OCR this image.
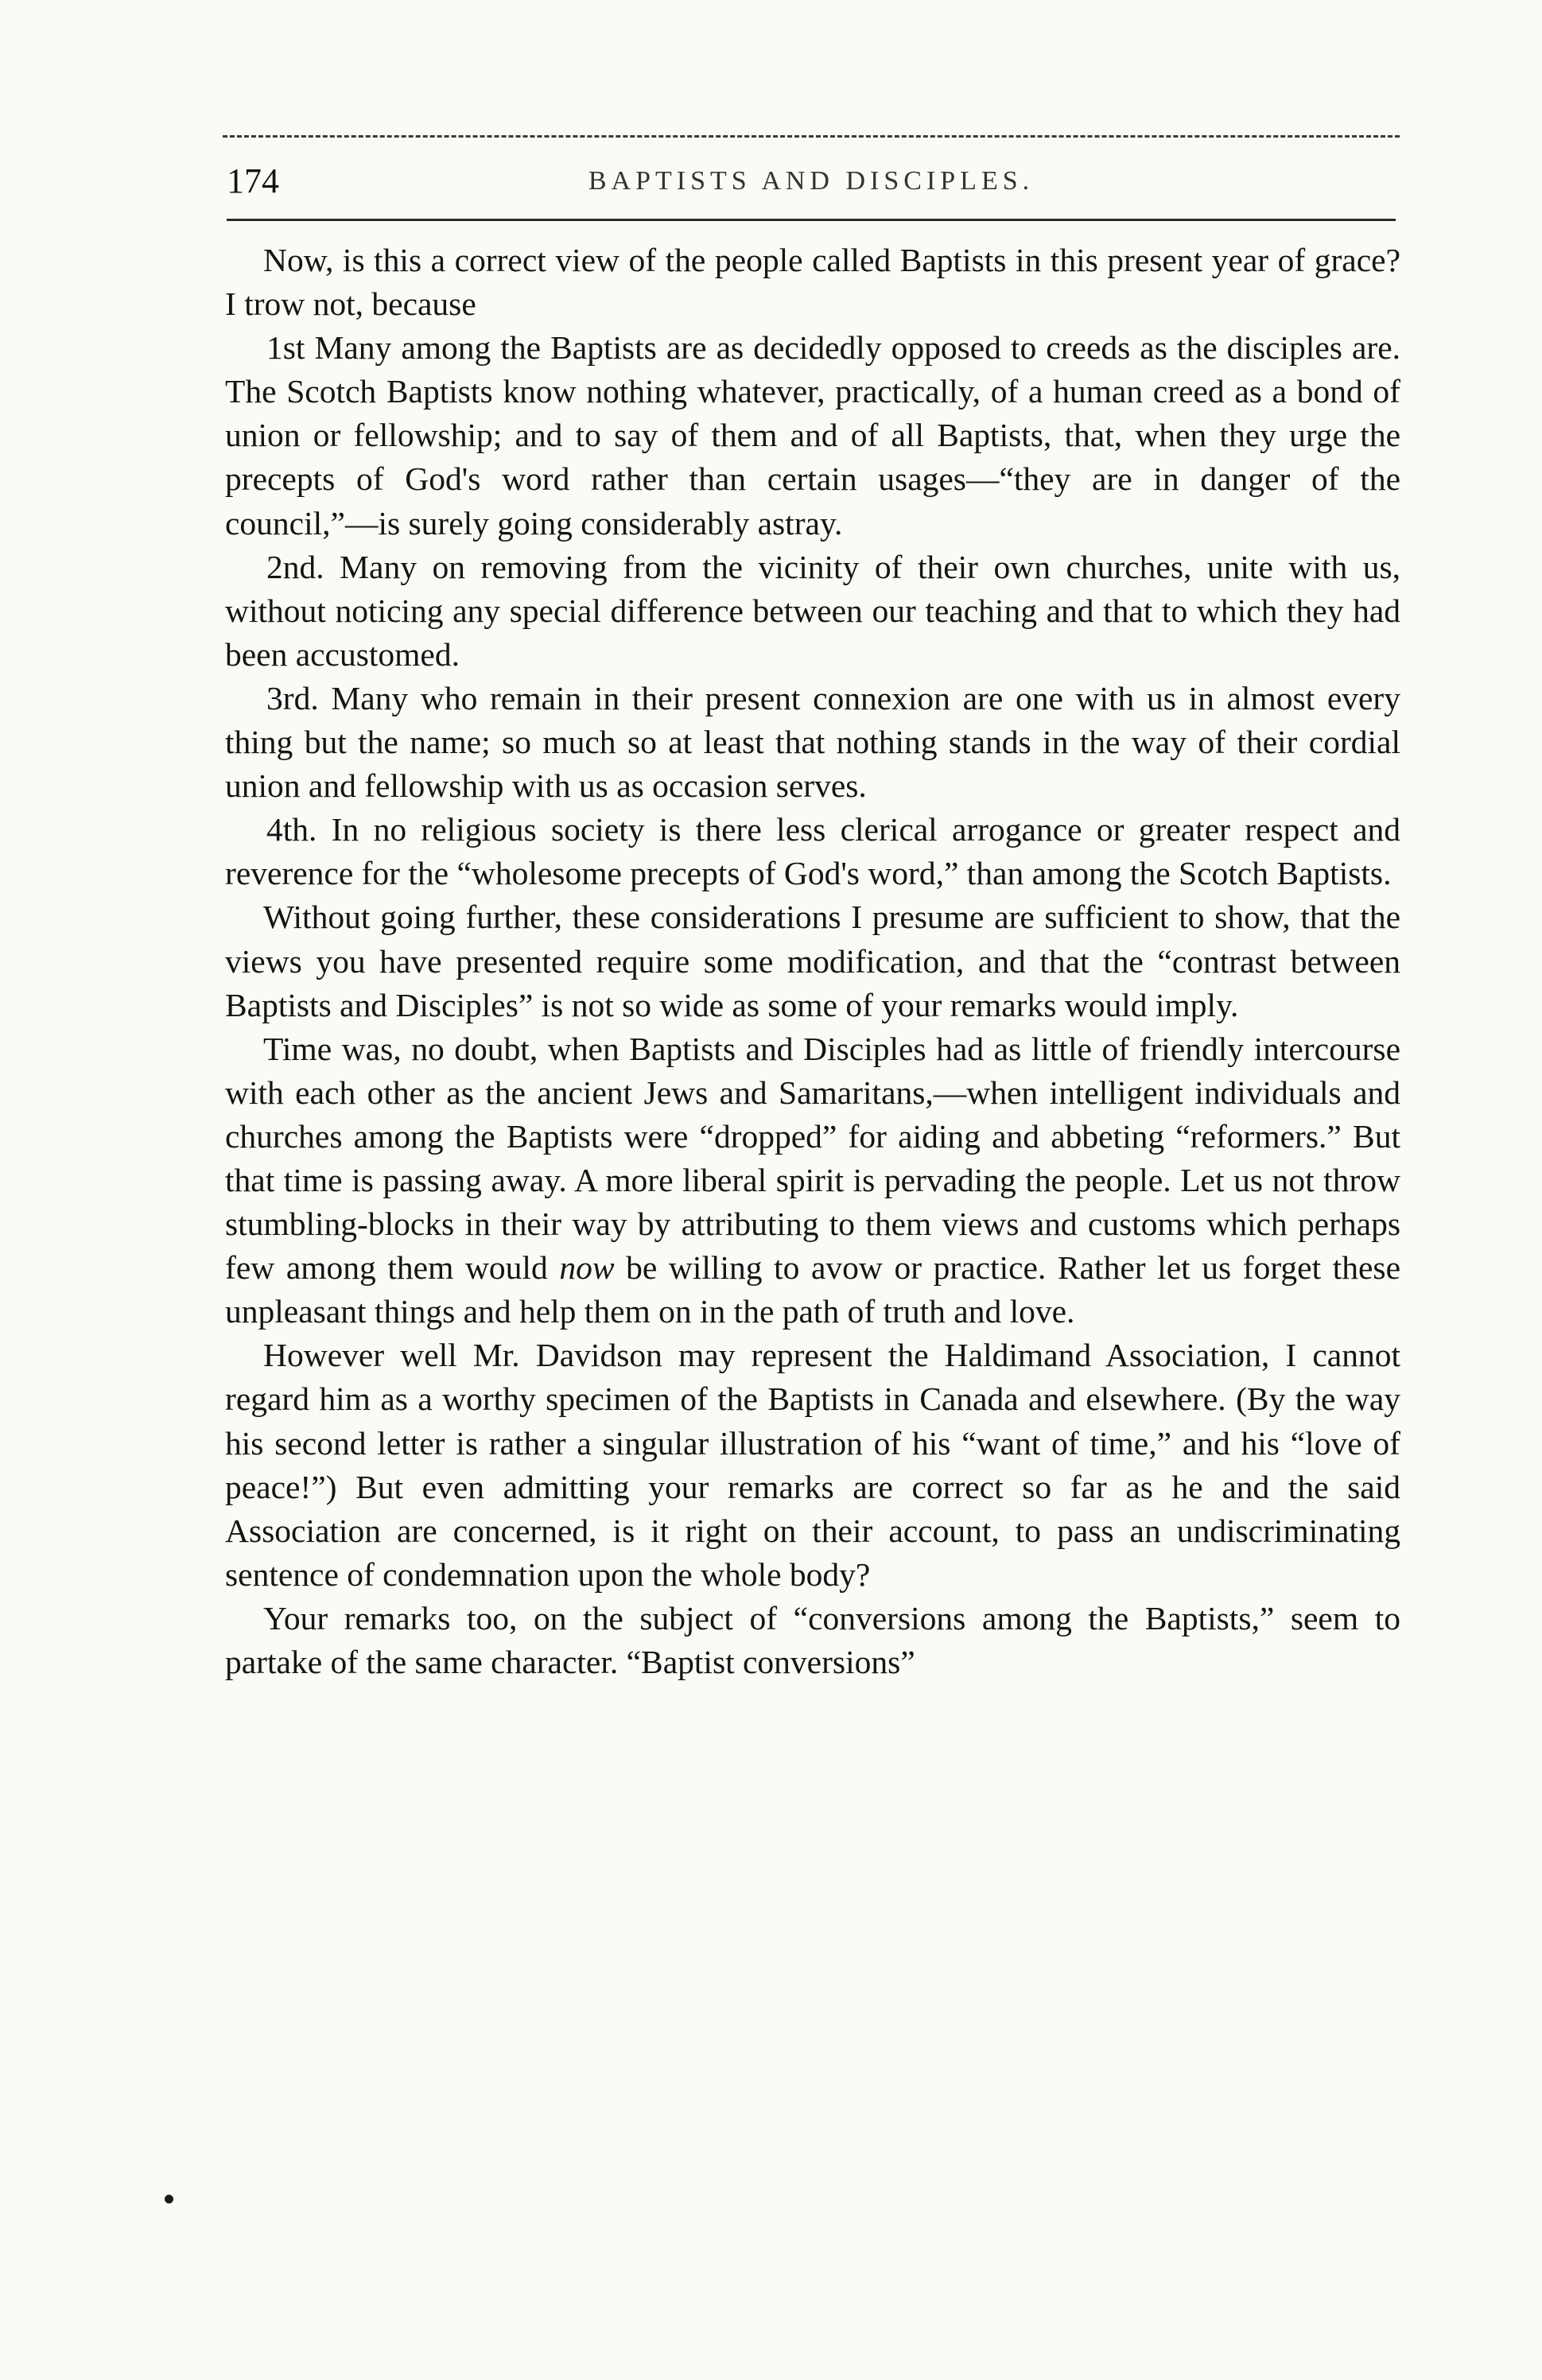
174	BAPTISTS AND DISCIPLES.

Now, is this a correct view of the people called Baptists in this present year of grace? I trow not, because

1st Many among the Baptists are as decidedly opposed to creeds as the disciples are. The Scotch Baptists know nothing whatever, practically, of a human creed as a bond of union or fellowship; and to say of them and of all Baptists, that, when they urge the precepts of God's word rather than certain usages—“they are in danger of the council,”—is surely going considerably astray.

2nd. Many on removing from the vicinity of their own churches, unite with us, without noticing any special difference between our teaching and that to which they had been accustomed.

3rd. Many who remain in their present connexion are one with us in almost every thing but the name; so much so at least that nothing stands in the way of their cordial union and fellowship with us as occasion serves.

4th. In no religious society is there less clerical arrogance or greater respect and reverence for the “wholesome precepts of God's word,” than among the Scotch Baptists.

Without going further, these considerations I presume are sufficient to show, that the views you have presented require some modification, and that the “contrast between Baptists and Disciples” is not so wide as some of your remarks would imply.

Time was, no doubt, when Baptists and Disciples had as little of friendly intercourse with each other as the ancient Jews and Samaritans,—when intelligent individuals and churches among the Baptists were “dropped” for aiding and abbeting “reformers.” But that time is passing away. A more liberal spirit is pervading the people. Let us not throw stumbling-blocks in their way by attributing to them views and customs which perhaps few among them would now be willing to avow or practice. Rather let us forget these unpleasant things and help them on in the path of truth and love.

However well Mr. Davidson may represent the Haldimand Association, I cannot regard him as a worthy specimen of the Baptists in Canada and elsewhere. (By the way his second letter is rather a singular illustration of his “want of time,” and his “love of peace!”) But even admitting your remarks are correct so far as he and the said Association are concerned, is it right on their account, to pass an undiscriminating sentence of condemnation upon the whole body?

Your remarks too, on the subject of “conversions among the Baptists,” seem to partake of the same character. “Baptist conversions”
